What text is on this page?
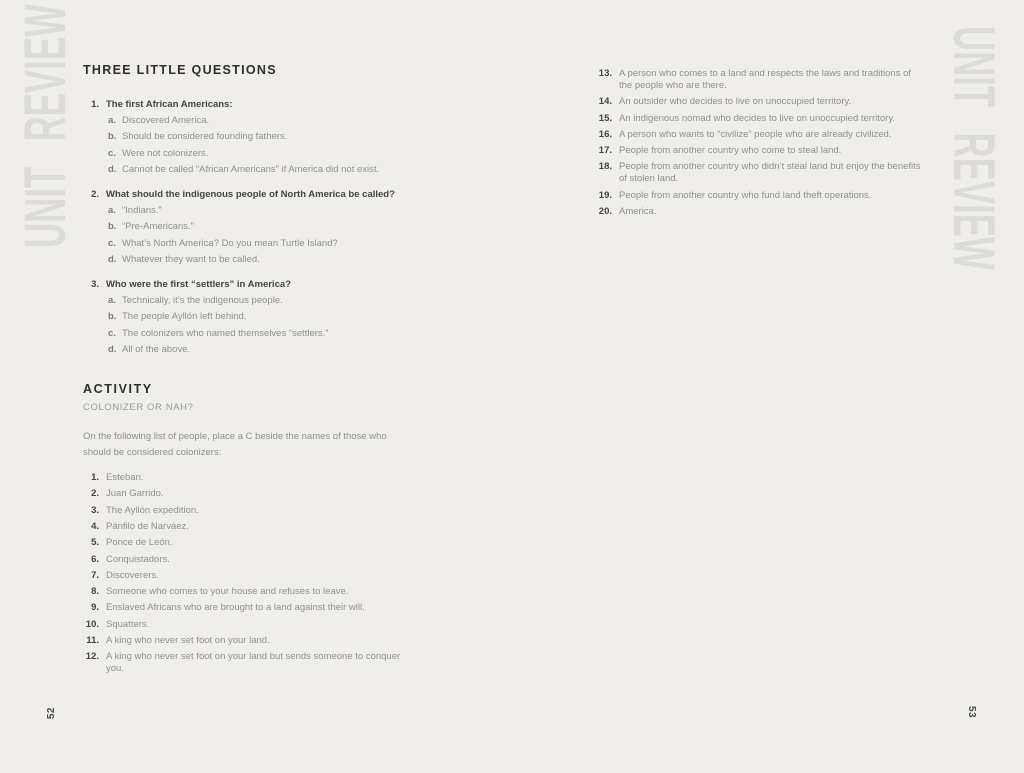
UNIT REVIEW	UNIT REVIEW
52	53
THREE LITTLE QUESTIONS
1. The first African Americans:
a. Discovered America.
b. Should be considered founding fathers.
c. Were not colonizers.
d. Cannot be called “African Americans” if America did not exist.
2. What should the indigenous people of North America be called?
a. “Indians.”
b. “Pre-Americans.”
c. What’s North America? Do you mean Turtle Island?
d. Whatever they want to be called.
3. Who were the first “settlers” in America?
a. Technically, it’s the indigenous people.
b. The people Ayllón left behind.
c. The colonizers who named themselves “settlers.”
d. All of the above.
ACTIVITY
COLONIZER OR NAH?

On the following list of people, place a C beside the names of those who should be considered colonizers:

1. Esteban.
2. Juan Garrido.
3. The Ayllón expedition.
4. Pánfilo de Narváez.
5. Ponce de León.
6. Conquistadors.
7. Discoverers.
8. Someone who comes to your house and refuses to leave.
9. Enslaved Africans who are brought to a land against their will.
10. Squatters.
11. A king who never set foot on your land.
12. A king who never set foot on your land but sends someone to conquer you.
13. A person who comes to a land and respects the laws and traditions of the people who are there.
14. An outsider who decides to live on unoccupied territory.
15. An indigenous nomad who decides to live on unoccupied territory.
16. A person who wants to “civilize” people who are already civilized.
17. People from another country who come to steal land.
18. People from another country who didn’t steal land but enjoy the benefits of stolen land.
19. People from another country who fund land theft operations.
20. America.
